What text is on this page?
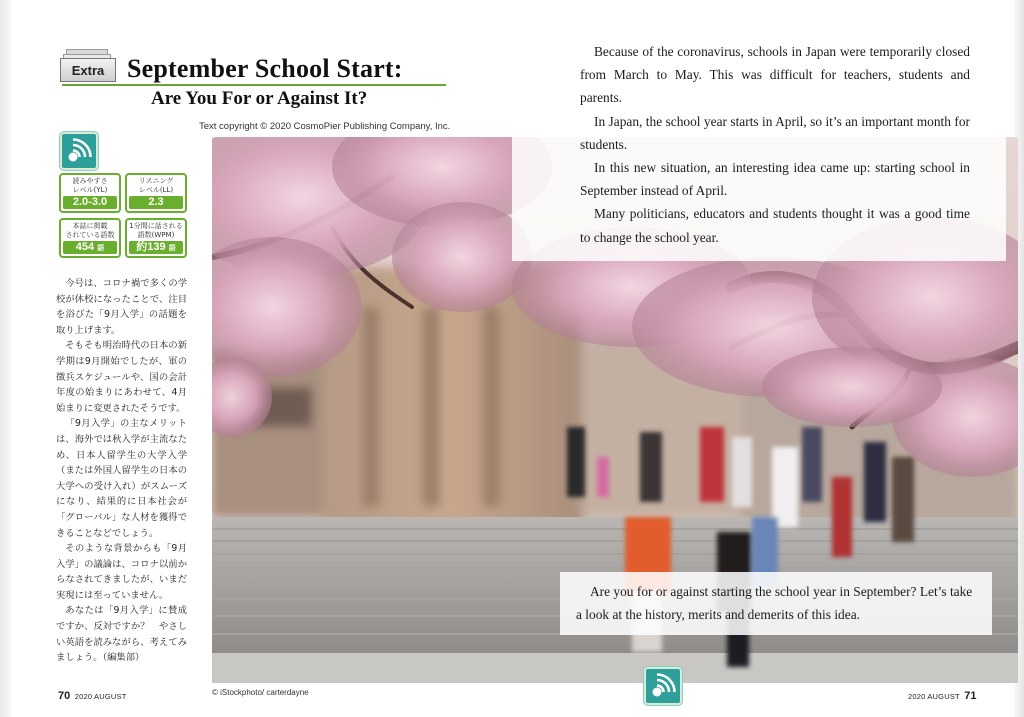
Extra September School Start:
Are You For or Against It?
Text copyright © 2020 CosmoPier Publishing Company, Inc.
読みやすさ
レベル(YL)
2.0-3.0
リスニング
レベル(LL)
2.3
本誌に掲載
されている語数
454 語
1分間に話される
語数(WPM)
約139 語

今号は、コロナ禍で多くの学校が休校になったことで、注目を浴びた「9月入学」の話題を取り上げます。

そもそも明治時代の日本の新学期は9月開始でしたが、軍の徴兵スケジュールや、国の会計年度の始まりにあわせて、4月始まりに変更されたそうです。

「9月入学」の主なメリットは、海外では秋入学が主流なため、日本人留学生の大学入学（または外国人留学生の日本の大学への受け入れ）がスムーズになり、結果的に日本社会が「グローバル」な人材を獲得できることなどでしょう。

そのような背景からも「9月入学」の議論は、コロナ以前からなされてきましたが、いまだ実現には至っていません。

あなたは「9月入学」に賛成ですか、反対ですか？　やさしい英語を読みながら、考えてみましょう。（編集部）

Because of the coronavirus, schools in Japan were temporarily closed from March to May. This was difficult for teachers, students and parents.

In Japan, the school year starts in April, so it’s an important month for students.

In this new situation, an interesting idea came up: starting school in September instead of April.

Many politicians, educators and students thought it was a good time to change the school year.

Are you for or against starting the school year in September? Let’s take a look at the history, merits and demerits of this idea.

70 2020 AUGUST	© iStockphoto/ carterdayne	2020 AUGUST 71
